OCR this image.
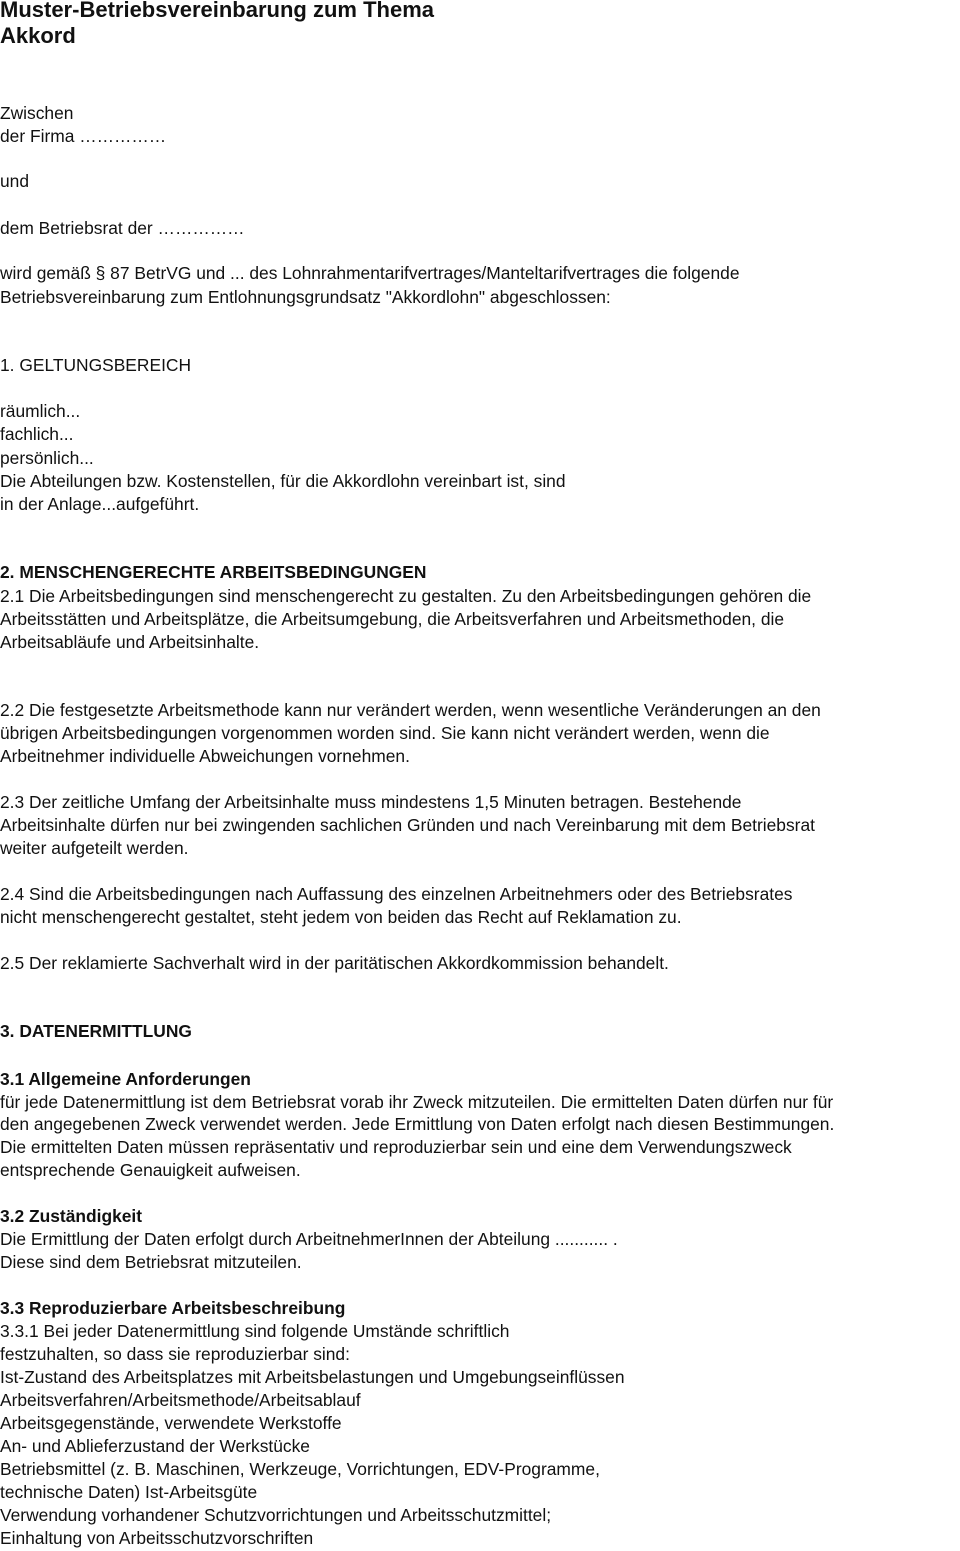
Muster-Betriebsvereinbarung zum Thema
Akkord
Zwischen
der Firma ……………
und
dem Betriebsrat der ……………
wird gemäß § 87 BetrVG und ... des Lohnrahmentarifvertrages/Manteltarifvertrages die folgende
Betriebsvereinbarung zum Entlohnungsgrundsatz "Akkordlohn" abgeschlossen:
1. GELTUNGSBEREICH
räumlich...
fachlich...
persönlich...
Die Abteilungen bzw. Kostenstellen, für die Akkordlohn vereinbart ist, sind
in der Anlage...aufgeführt.
2. MENSCHENGERECHTE ARBEITSBEDINGUNGEN
2.1 Die Arbeitsbedingungen sind menschengerecht zu gestalten. Zu den Arbeitsbedingungen gehören die
Arbeitsstätten und Arbeitsplätze, die Arbeitsumgebung, die Arbeitsverfahren und Arbeitsmethoden, die
Arbeitsabläufe und Arbeitsinhalte.
2.2 Die festgesetzte Arbeitsmethode kann nur verändert werden, wenn wesentliche Veränderungen an den
übrigen Arbeitsbedingungen vorgenommen worden sind. Sie kann nicht verändert werden, wenn die
Arbeitnehmer individuelle Abweichungen vornehmen.
2.3 Der zeitliche Umfang der Arbeitsinhalte muss mindestens 1,5 Minuten betragen. Bestehende
Arbeitsinhalte dürfen nur bei zwingenden sachlichen Gründen und nach Vereinbarung mit dem Betriebsrat
weiter aufgeteilt werden.
2.4 Sind die Arbeitsbedingungen nach Auffassung des einzelnen Arbeitnehmers oder des Betriebsrates
nicht menschengerecht gestaltet, steht jedem von beiden das Recht auf Reklamation zu.
2.5 Der reklamierte Sachverhalt wird in der paritätischen Akkordkommission behandelt.
3. DATENERMITTLUNG
3.1 Allgemeine Anforderungen
für jede Datenermittlung ist dem Betriebsrat vorab ihr Zweck mitzuteilen. Die ermittelten Daten dürfen nur für
den angegebenen Zweck verwendet werden. Jede Ermittlung von Daten erfolgt nach diesen Bestimmungen.
Die ermittelten Daten müssen repräsentativ und reproduzierbar sein und eine dem Verwendungszweck
entsprechende Genauigkeit aufweisen.
3.2 Zuständigkeit
Die Ermittlung der Daten erfolgt durch ArbeitnehmerInnen der Abteilung ........... .
Diese sind dem Betriebsrat mitzuteilen.
3.3 Reproduzierbare Arbeitsbeschreibung
3.3.1 Bei jeder Datenermittlung sind folgende Umstände schriftlich
festzuhalten, so dass sie reproduzierbar sind:
Ist-Zustand des Arbeitsplatzes mit Arbeitsbelastungen und Umgebungseinflüssen
Arbeitsverfahren/Arbeitsmethode/Arbeitsablauf
Arbeitsgegenstände, verwendete Werkstoffe
An- und Ablieferzustand der Werkstücke
Betriebsmittel (z. B. Maschinen, Werkzeuge, Vorrichtungen, EDV-Programme,
technische Daten) Ist-Arbeitsgüte
Verwendung vorhandener Schutzvorrichtungen und Arbeitsschutzmittel;
Einhaltung von Arbeitsschutzvorschriften
